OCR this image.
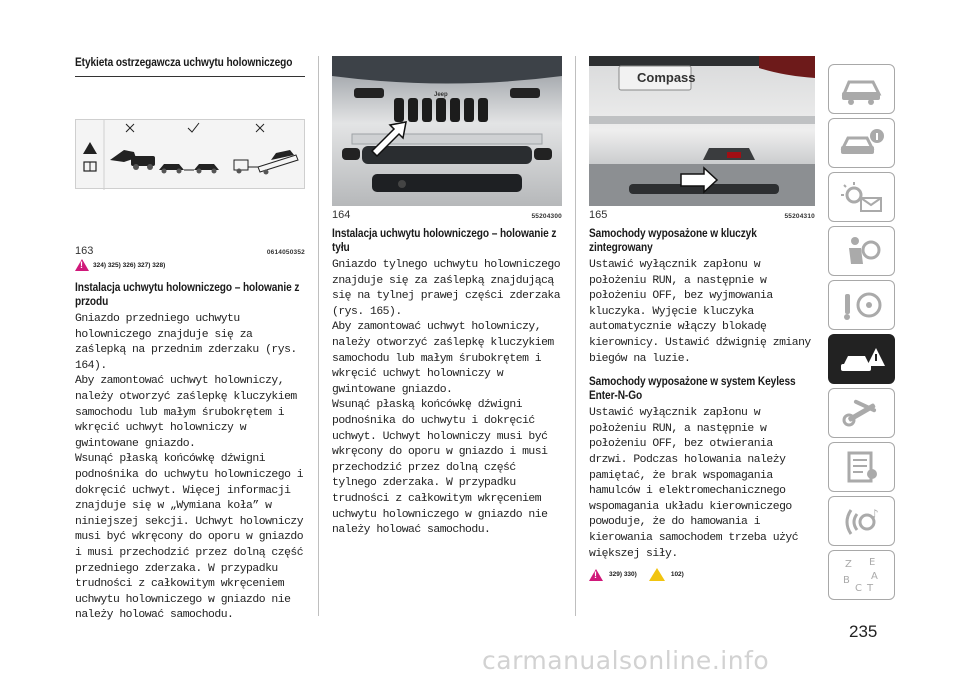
Etykieta ostrzegawcza uchwytu holowniczego
163	0614050352
!
324) 325) 326) 327) 328)
Instalacja uchwytu holowniczego – holowanie z przodu

Gniazdo przedniego uchwytu holowniczego znajduje się za zaślepką na przednim zderzaku (rys. 164).

Aby zamontować uchwyt holowniczy, należy otworzyć zaślepkę kluczykiem samochodu lub małym śrubokrętem i wkręcić uchwyt holowniczy w gwintowane gniazdo.

Wsunąć płaską końcówkę dźwigni podnośnika do uchwytu holowniczego i dokręcić uchwyt. Więcej informacji znajduje się w „Wymiana koła” w niniejszej sekcji. Uchwyt holowniczy musi być wkręcony do oporu w gniazdo i musi przechodzić przez dolną część przedniego zderzaka. W przypadku trudności z całkowitym wkręceniem uchwytu holowniczego w gniazdo nie należy holować samochodu.

Jeep
164	55204300
Instalacja uchwytu holowniczego – holowanie z tyłu

Gniazdo tylnego uchwytu holowniczego znajduje się za zaślepką znajdującą się na tylnej prawej części zderzaka (rys. 165).

Aby zamontować uchwyt holowniczy, należy otworzyć zaślepkę kluczykiem samochodu lub małym śrubokrętem i wkręcić uchwyt holowniczy w gwintowane gniazdo.

Wsunąć płaską końcówkę dźwigni podnośnika do uchwytu i dokręcić uchwyt. Uchwyt holowniczy musi być wkręcony do oporu w gniazdo i musi przechodzić przez dolną część tylnego zderzaka. W przypadku trudności z całkowitym wkręceniem uchwytu holowniczego w gniazdo nie należy holować samochodu.

Compass
165	55204310
Samochody wyposażone w kluczyk zintegrowany

Ustawić wyłącznik zapłonu w położeniu RUN, a następnie w położeniu OFF, bez wyjmowania kluczyka. Wyjęcie kluczyka automatycznie włączy blokadę kierownicy. Ustawić dźwignię zmiany biegów na luzie.

Samochody wyposażone w system Keyless Enter-N-Go

Ustawić wyłącznik zapłonu w położeniu RUN, a następnie w położeniu OFF, bez otwierania drzwi. Podczas holowania należy pamiętać, że brak wspomagania hamulców i elektromechanicznego wspomagania układu kierowniczego powoduje, że do hamowania i kierowania samochodem trzeba użyć większej siły.

!
329) 330)	102)
♪
Z E
A
B
C T
235
carmanualsonline.info
